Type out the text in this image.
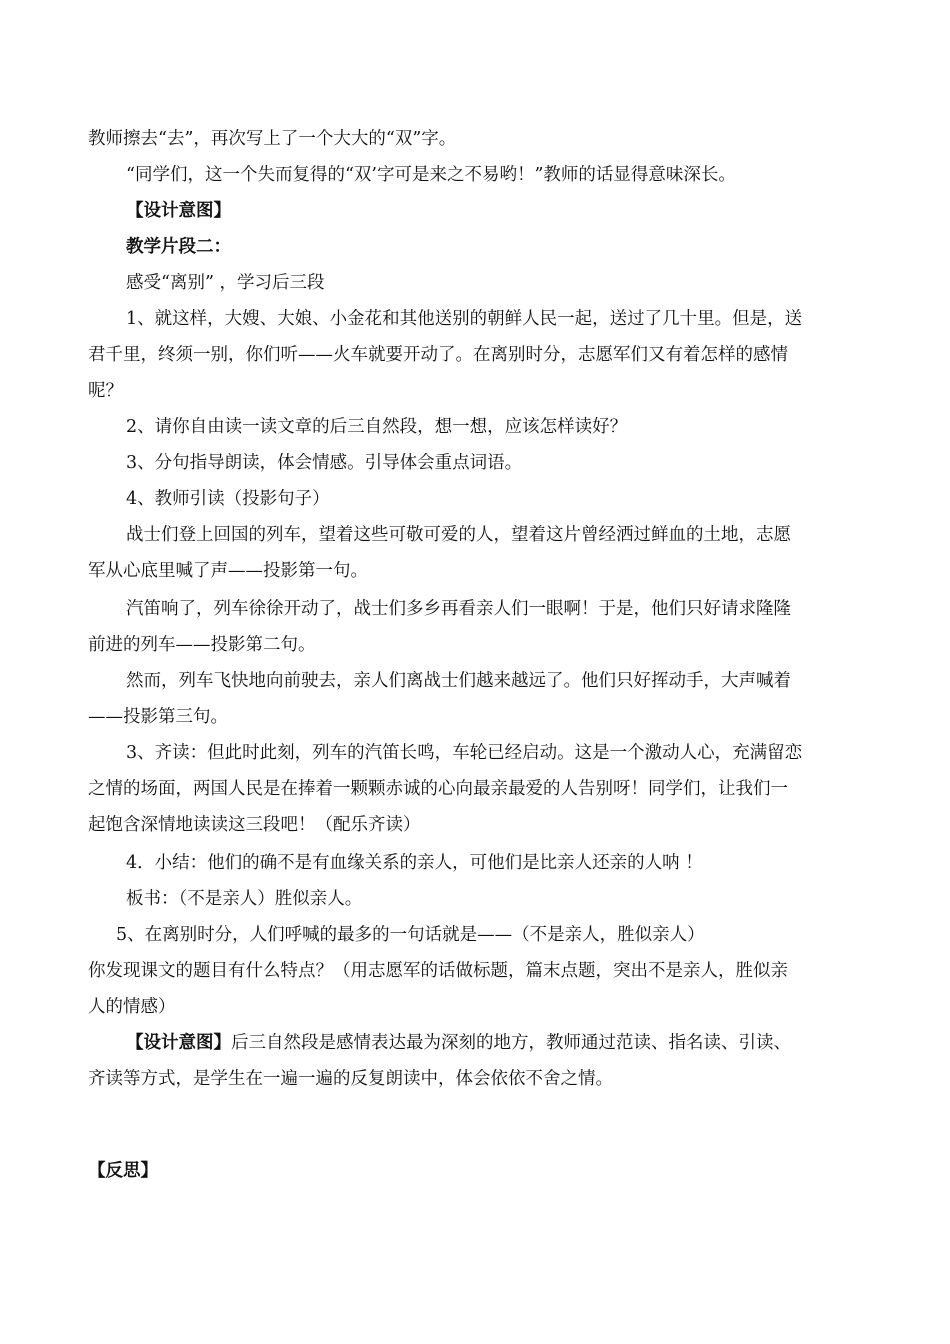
教师擦去“去”，再次写上了一个大大的“双”字。
“同学们，这一个失而复得的“双’字可是来之不易哟！”教师的话显得意味深长。
【设计意图】
教学片段二：
感受“离别” ，学习后三段
1、就这样，大嫂、大娘、小金花和其他送别的朝鲜人民一起，送过了几十里。但是，送
君千里，终须一别，你们听——火车就要开动了。在离别时分，志愿军们又有着怎样的感情
呢？
2、请你自由读一读文章的后三自然段，想一想，应该怎样读好？
3、分句指导朗读，体会情感。引导体会重点词语。
4、教师引读（投影句子）
战士们登上回国的列车，望着这些可敬可爱的人，望着这片曾经洒过鲜血的土地，志愿
军从心底里喊了声——投影第一句。
汽笛响了，列车徐徐开动了，战士们多乡再看亲人们一眼啊！于是，他们只好请求隆隆
前进的列车——投影第二句。
然而，列车飞快地向前驶去，亲人们离战士们越来越远了。他们只好挥动手，大声喊着
——投影第三句。
3、齐读：但此时此刻，列车的汽笛长鸣，车轮已经启动。这是一个激动人心，充满留恋
之情的场面，两国人民是在捧着一颗颗赤诚的心向最亲最爱的人告别呀！同学们，让我们一
起饱含深情地读读这三段吧！（配乐齐读）
4．小结：他们的确不是有血缘关系的亲人，可他们是比亲人还亲的人呐 ！
板书：（不是亲人）胜似亲人。
5、在离别时分，人们呼喊的最多的一句话就是——（不是亲人，胜似亲人）
你发现课文的题目有什么特点？（用志愿军的话做标题，篇末点题，突出不是亲人，胜似亲
人的情感）
【设计意图】后三自然段是感情表达最为深刻的地方，教师通过范读、指名读、引读、
齐读等方式，是学生在一遍一遍的反复朗读中，体会依依不舍之情。
【反思】
